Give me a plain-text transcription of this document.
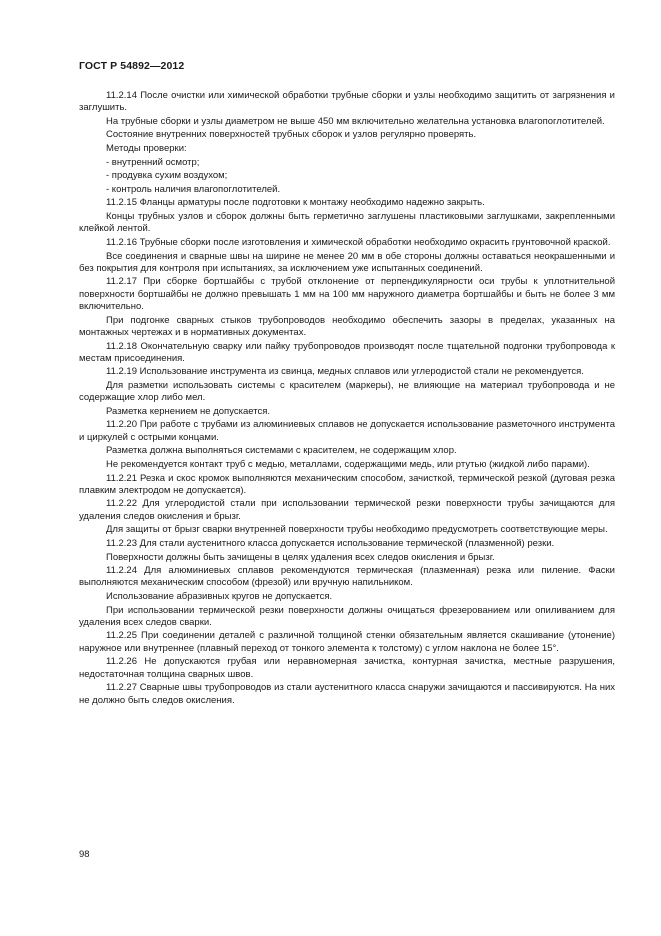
ГОСТ Р 54892—2012

11.2.14 После очистки или химической обработки трубные сборки и узлы необходимо защитить от загрязнения и заглушить.

На трубные сборки и узлы диаметром не выше 450 мм включительно желательна установка влагопоглотителей.

Состояние внутренних поверхностей трубных сборок и узлов регулярно проверять.

Методы проверки:

- внутренний осмотр;

- продувка сухим воздухом;

- контроль наличия влагопоглотителей.

11.2.15 Фланцы арматуры после подготовки к монтажу необходимо надежно закрыть.

Концы трубных узлов и сборок должны быть герметично заглушены пластиковыми заглушками, закрепленными клейкой лентой.

11.2.16 Трубные сборки после изготовления и химической обработки необходимо окрасить грунтовочной краской.

Все соединения и сварные швы на ширине не менее 20 мм в обе стороны должны оставаться неокрашенными и без покрытия для контроля при испытаниях, за исключением уже испытанных соединений.

11.2.17 При сборке бортшайбы с трубой отклонение от перпендикулярности оси трубы к уплотнительной поверхности бортшайбы не должно превышать 1 мм на 100 мм наружного диаметра бортшайбы и быть не более 3 мм включительно.

При подгонке сварных стыков трубопроводов необходимо обеспечить зазоры в пределах, указанных на монтажных чертежах и в нормативных документах.

11.2.18 Окончательную сварку или пайку трубопроводов производят после тщательной подгонки трубопровода к местам присоединения.

11.2.19 Использование инструмента из свинца, медных сплавов или углеродистой стали не рекомендуется.

Для разметки использовать системы с красителем (маркеры), не влияющие на материал трубопровода и не содержащие хлор либо мел.

Разметка кернением не допускается.

11.2.20 При работе с трубами из алюминиевых сплавов не допускается использование разметочного инструмента и циркулей с острыми концами.

Разметка должна выполняться системами с красителем, не содержащим хлор.

Не рекомендуется контакт труб с медью, металлами, содержащими медь, или ртутью (жидкой либо парами).

11.2.21 Резка и скос кромок выполняются механическим способом, зачисткой, термической резкой (дуговая резка плавким электродом не допускается).

11.2.22 Для углеродистой стали при использовании термической резки поверхности трубы зачищаются для удаления следов окисления и брызг.

Для защиты от брызг сварки внутренней поверхности трубы необходимо предусмотреть соответствующие меры.

11.2.23 Для стали аустенитного класса допускается использование термической (плазменной) резки.

Поверхности должны быть зачищены в целях удаления всех следов окисления и брызг.

11.2.24 Для алюминиевых сплавов рекомендуются термическая (плазменная) резка или пиление. Фаски выполняются механическим способом (фрезой) или вручную напильником.

Использование абразивных кругов не допускается.

При использовании термической резки поверхности должны очищаться фрезерованием или опиливанием для удаления всех следов сварки.

11.2.25 При соединении деталей с различной толщиной стенки обязательным является скашивание (утонение) наружное или внутреннее (плавный переход от тонкого элемента к толстому) с углом наклона не более 15°.

11.2.26 Не допускаются грубая или неравномерная зачистка, контурная зачистка, местные разрушения, недостаточная толщина сварных швов.

11.2.27 Сварные швы трубопроводов из стали аустенитного класса снаружи зачищаются и пассивируются. На них не должно быть следов окисления.

98
